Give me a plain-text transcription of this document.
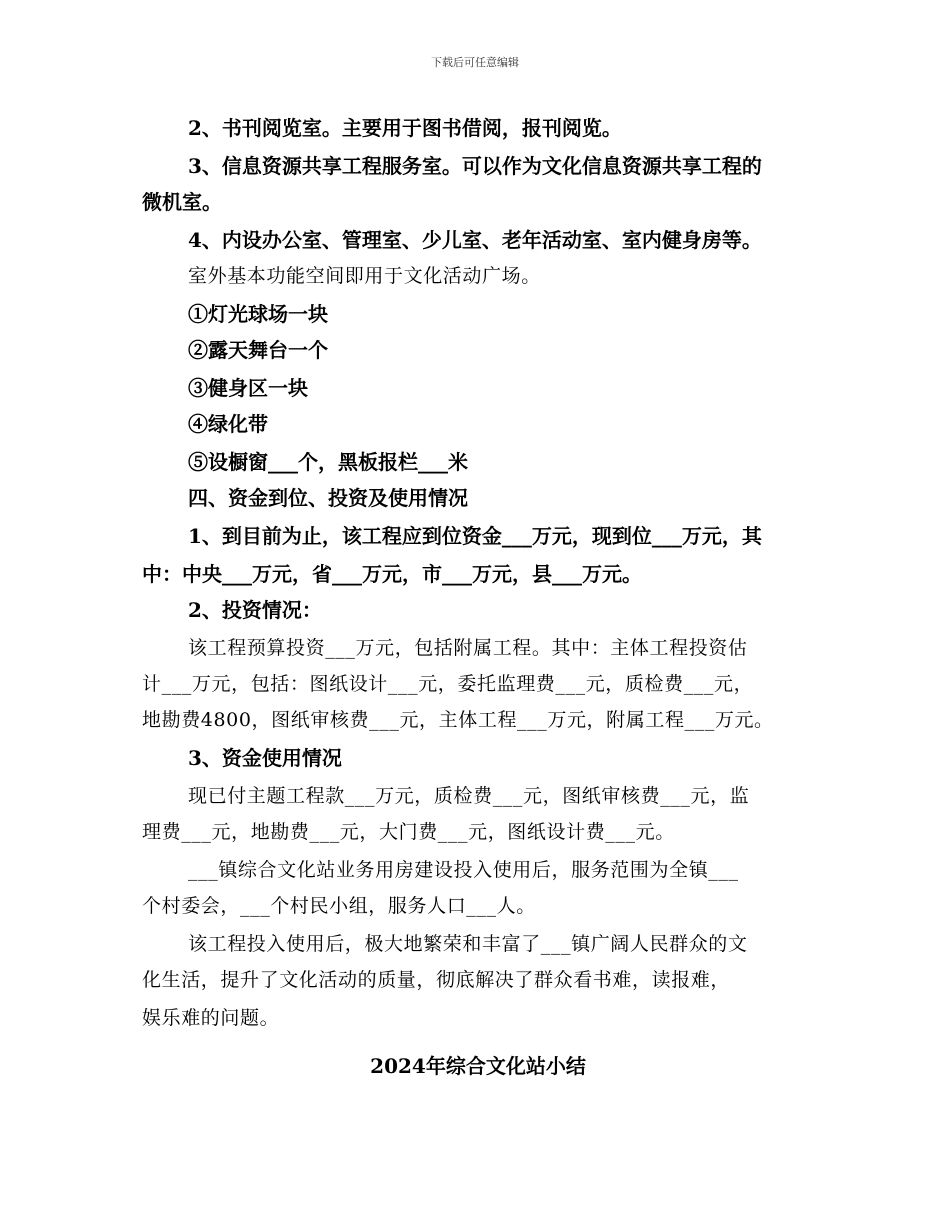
下载后可任意编辑
2、书刊阅览室。主要用于图书借阅，报刊阅览。
3、信息资源共享工程服务室。可以作为文化信息资源共享工程的
微机室。
4、内设办公室、管理室、少儿室、老年活动室、室内健身房等。
室外基本功能空间即用于文化活动广场。
①灯光球场一块
②露天舞台一个
③健身区一块
④绿化带
⑤设橱窗___个，黑板报栏___米
四、资金到位、投资及使用情况
1、到目前为止，该工程应到位资金___万元，现到位___万元，其
中：中央___万元，省___万元，市___万元，县___万元。
2、投资情况：
该工程预算投资___万元，包括附属工程。其中：主体工程投资估
计___万元，包括：图纸设计___元，委托监理费___元，质检费___元，
地勘费4800，图纸审核费___元，主体工程___万元，附属工程___万元。
3、资金使用情况
现已付主题工程款___万元，质检费___元，图纸审核费___元，监
理费___元，地勘费___元，大门费___元，图纸设计费___元。
___镇综合文化站业务用房建设投入使用后，服务范围为全镇___
个村委会，___个村民小组，服务人口___人。
该工程投入使用后，极大地繁荣和丰富了___镇广阔人民群众的文
化生活，提升了文化活动的质量，彻底解决了群众看书难，读报难，
娱乐难的问题。
2024年综合文化站小结
